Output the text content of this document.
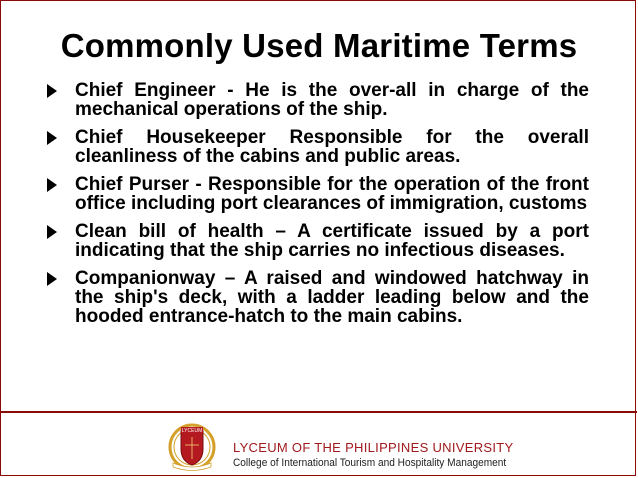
Commonly Used Maritime Terms
Chief Engineer - He is the over-all in charge of the mechanical operations of the ship.
Chief Housekeeper Responsible for the overall cleanliness of the cabins and public areas.
Chief Purser - Responsible for the operation of the front office including port clearances of immigration, customs
Clean bill of health – A certificate issued by a port indicating that the ship carries no infectious diseases.
Companionway – A raised and windowed hatchway in the ship's deck, with a ladder leading below and the hooded entrance-hatch to the main cabins.
LYCEUM
LYCEUM OF THE PHILIPPINES UNIVERSITY
College of International Tourism and Hospitality Management
